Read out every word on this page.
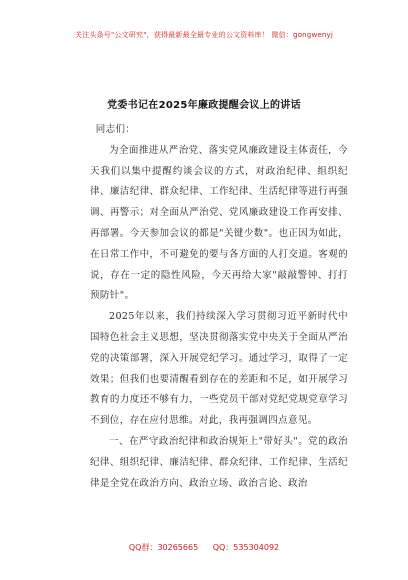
关注头条号"公文研究"，获得最新最全最专业的公文资料库！ 微信：gongwenyj
党委书记在2025年廉政提醒会议上的讲话

同志们：

为全面推进从严治党、落实党风廉政建设主体责任，今天我们以集中提醒约谈会议的方式，对政治纪律、组织纪律、廉洁纪律、群众纪律、工作纪律、生活纪律等进行再强调、再警示；对全面从严治党、党风廉政建设工作再安排、再部署。今天参加会议的都是"关键少数"。也正因为如此，在日常工作中，不可避免的要与各方面的人打交道。客观的说，存在一定的隐性风险，今天再给大家"敲敲警钟、打打预防针"。

2025年以来，我们持续深入学习贯彻习近平新时代中国特色社会主义思想，坚决贯彻落实党中央关于全面从严治党的决策部署，深入开展党纪学习。通过学习，取得了一定效果；但我们也要清醒看到存在的差距和不足，如开展学习教育的力度还不够有力，一些党员干部对党纪党规党章学习不到位，存在应付思维。对此，我再强调四点意见。

一、在严守政治纪律和政治规矩上"带好头"。党的政治纪律、组织纪律、廉洁纪律、群众纪律、工作纪律、生活纪律是全党在政治方向、政治立场、政治言论、政治

QQ群：30265665 QQ：535304092
